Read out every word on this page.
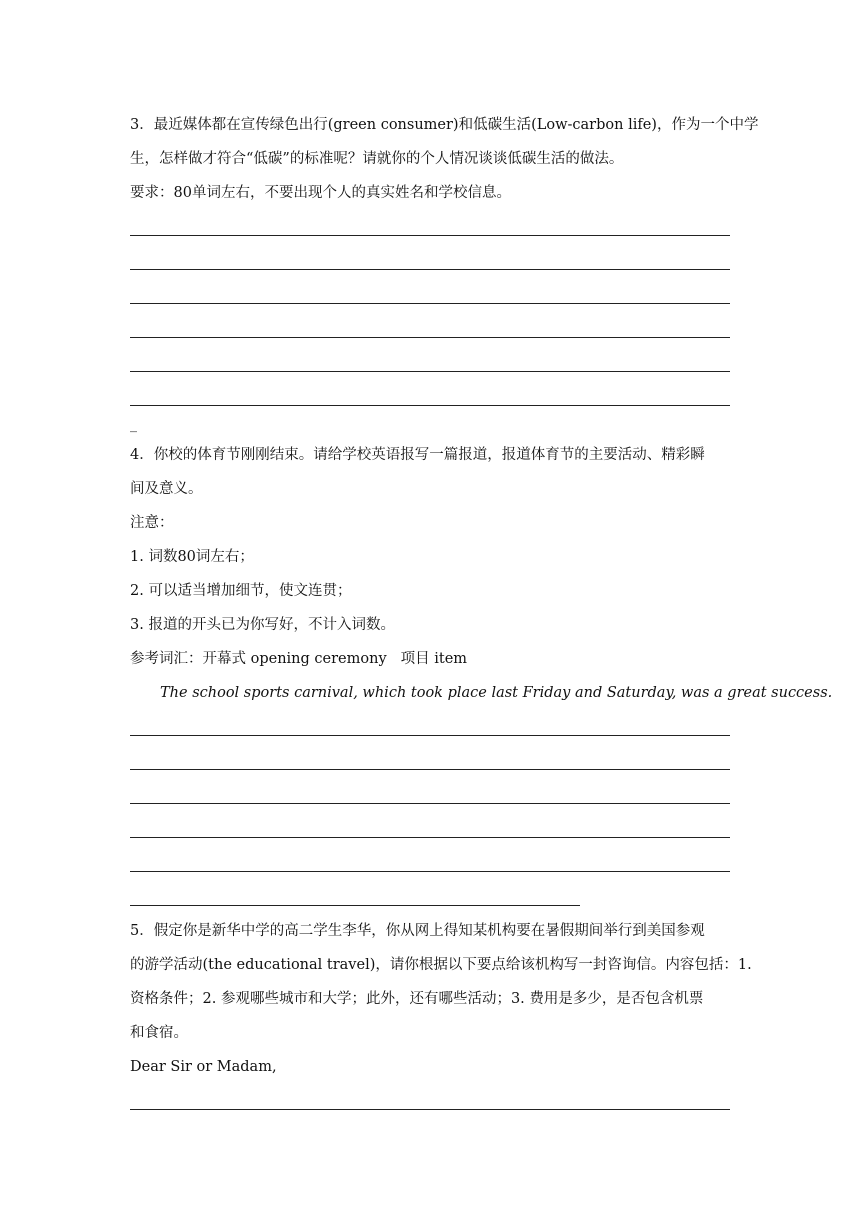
3．最近媒体都在宣传绿色出行(green consumer)和低碳生活(Low-carbon life)，作为一个中学
生，怎样做才符合“低碳”的标准呢？请就你的个人情况谈谈低碳生活的做法。
要求：80单词左右，不要出现个人的真实姓名和学校信息。
_
4．你校的体育节刚刚结束。请给学校英语报写一篇报道，报道体育节的主要活动、精彩瞬
间及意义。
注意：
1. 词数80词左右；
2. 可以适当增加细节，使文连贯；
3. 报道的开头已为你写好，不计入词数。
参考词汇：开幕式 opening ceremony 项目 item
The school sports carnival, which took place last Friday and Saturday, was a great success.
5．假定你是新华中学的高二学生李华，你从网上得知某机构要在暑假期间举行到美国参观
的游学活动(the educational travel)，请你根据以下要点给该机构写一封咨询信。内容包括：1.
资格条件；2. 参观哪些城市和大学；此外，还有哪些活动；3. 费用是多少，是否包含机票
和食宿。
Dear Sir or Madam,
